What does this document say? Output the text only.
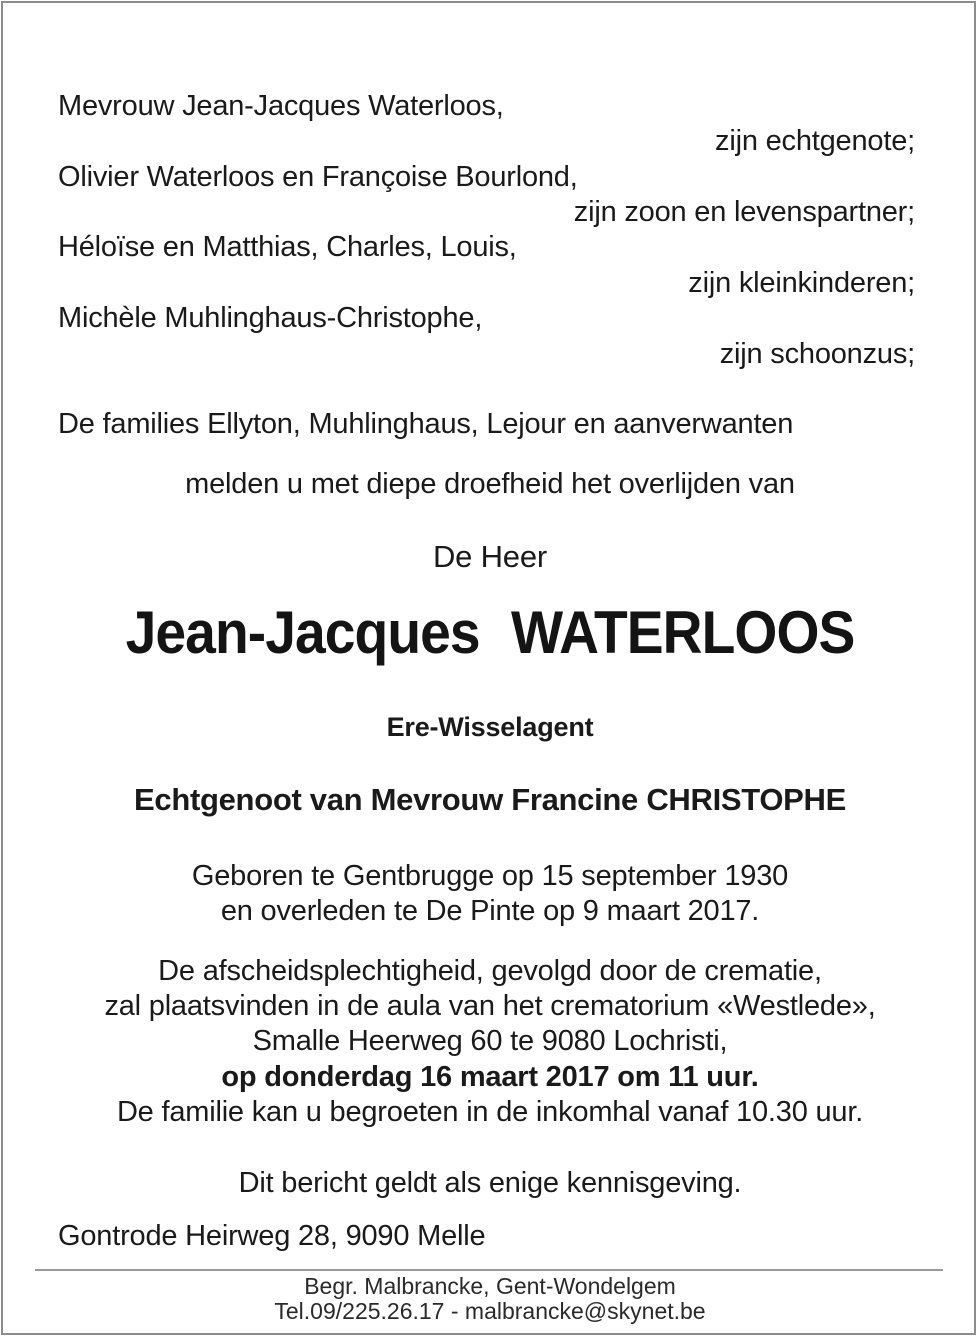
Mevrouw Jean-Jacques Waterloos,
zijn echtgenote;
Olivier Waterloos en Françoise Bourlond,
zijn zoon en levenspartner;
Héloïse en Matthias, Charles, Louis,
zijn kleinkinderen;
Michèle Muhlinghaus-Christophe,
zijn schoonzus;
De families Ellyton, Muhlinghaus, Lejour en aanverwanten
melden u met diepe droefheid het overlijden van
De Heer
Jean-Jacques WATERLOOS
Ere-Wisselagent
Echtgenoot van Mevrouw Francine CHRISTOPHE
Geboren te Gentbrugge op 15 september 1930
en overleden te De Pinte op 9 maart 2017.
De afscheidsplechtigheid, gevolgd door de crematie,
zal plaatsvinden in de aula van het crematorium «Westlede»,
Smalle Heerweg 60 te 9080 Lochristi,
op donderdag 16 maart 2017 om 11 uur.
De familie kan u begroeten in de inkomhal vanaf 10.30 uur.
Dit bericht geldt als enige kennisgeving.
Gontrode Heirweg 28, 9090 Melle
Begr. Malbrancke, Gent-Wondelgem
Tel.09/225.26.17 - malbrancke@skynet.be
